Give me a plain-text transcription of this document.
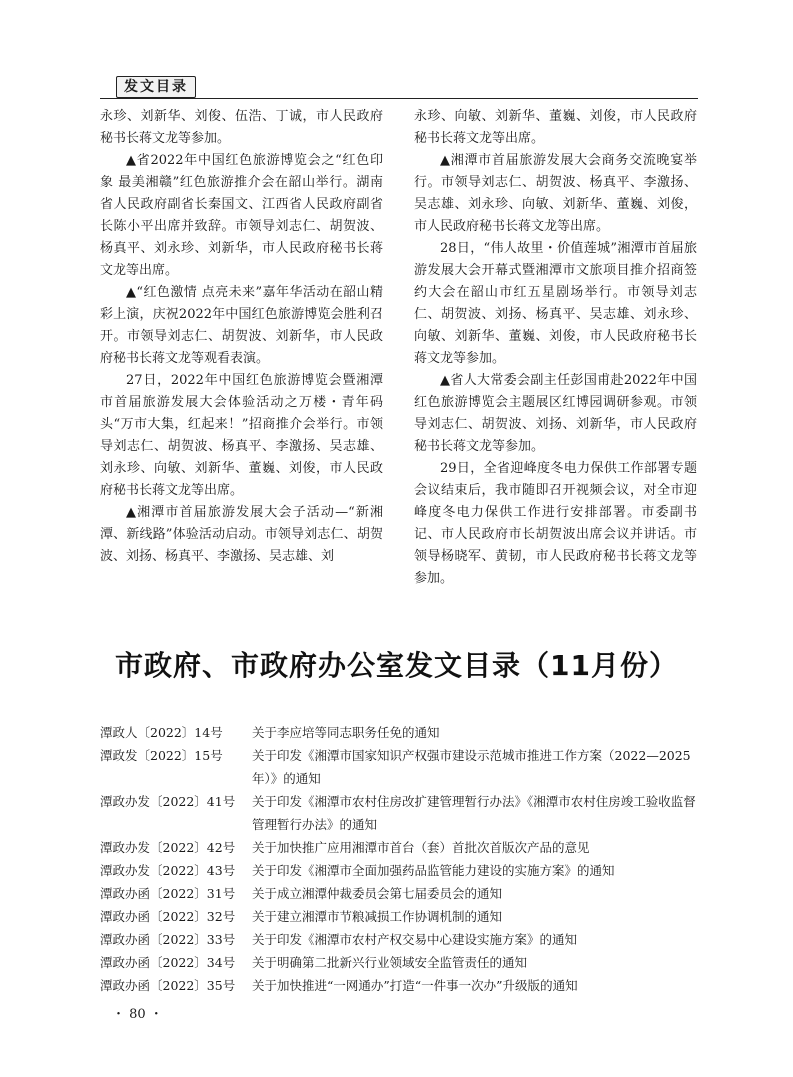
发文目录

永珍、刘新华、刘俊、伍浩、丁诚，市人民政府秘书长蒋文龙等参加。

▲省2022年中国红色旅游博览会之“红色印象 最美湘赣”红色旅游推介会在韶山举行。湖南省人民政府副省长秦国文、江西省人民政府副省长陈小平出席并致辞。市领导刘志仁、胡贺波、杨真平、刘永珍、刘新华，市人民政府秘书长蒋文龙等出席。

▲“红色激情 点亮未来”嘉年华活动在韶山精彩上演，庆祝2022年中国红色旅游博览会胜利召开。市领导刘志仁、胡贺波、刘新华，市人民政府秘书长蒋文龙等观看表演。

27日，2022年中国红色旅游博览会暨湘潭市首届旅游发展大会体验活动之万楼・青年码头“万市大集，红起来！”招商推介会举行。市领导刘志仁、胡贺波、杨真平、李激扬、吴志雄、刘永珍、向敏、刘新华、董巍、刘俊，市人民政府秘书长蒋文龙等出席。

▲湘潭市首届旅游发展大会子活动—“新湘潭、新线路”体验活动启动。市领导刘志仁、胡贺波、刘扬、杨真平、李激扬、吴志雄、刘

永珍、向敏、刘新华、董巍、刘俊，市人民政府秘书长蒋文龙等出席。

▲湘潭市首届旅游发展大会商务交流晚宴举行。市领导刘志仁、胡贺波、杨真平、李激扬、吴志雄、刘永珍、向敏、刘新华、董巍、刘俊，市人民政府秘书长蒋文龙等出席。

28日，“伟人故里・价值莲城”湘潭市首届旅游发展大会开幕式暨湘潭市文旅项目推介招商签约大会在韶山市红五星剧场举行。市领导刘志仁、胡贺波、刘扬、杨真平、吴志雄、刘永珍、向敏、刘新华、董巍、刘俊，市人民政府秘书长蒋文龙等参加。

▲省人大常委会副主任彭国甫赴2022年中国红色旅游博览会主题展区红博园调研参观。市领导刘志仁、胡贺波、刘扬、刘新华，市人民政府秘书长蒋文龙等参加。

29日，全省迎峰度冬电力保供工作部署专题会议结束后，我市随即召开视频会议，对全市迎峰度冬电力保供工作进行安排部署。市委副书记、市人民政府市长胡贺波出席会议并讲话。市领导杨晓军、黄韧，市人民政府秘书长蒋文龙等参加。

市政府、市政府办公室发文目录（11月份）
潭政人〔2022〕14号	关于李应培等同志职务任免的通知
潭政发〔2022〕15号	关于印发《湘潭市国家知识产权强市建设示范城市推进工作方案（2022—2025年）》的通知
潭政办发〔2022〕41号	关于印发《湘潭市农村住房改扩建管理暂行办法》《湘潭市农村住房竣工验收监督管理暂行办法》的通知
潭政办发〔2022〕42号	关于加快推广应用湘潭市首台（套）首批次首版次产品的意见
潭政办发〔2022〕43号	关于印发《湘潭市全面加强药品监管能力建设的实施方案》的通知
潭政办函〔2022〕31号	关于成立湘潭仲裁委员会第七届委员会的通知
潭政办函〔2022〕32号	关于建立湘潭市节粮减损工作协调机制的通知
潭政办函〔2022〕33号	关于印发《湘潭市农村产权交易中心建设实施方案》的通知
潭政办函〔2022〕34号	关于明确第二批新兴行业领域安全监管责任的通知
潭政办函〔2022〕35号	关于加快推进“一网通办”打造“一件事一次办”升级版的通知
・ 80 ・
